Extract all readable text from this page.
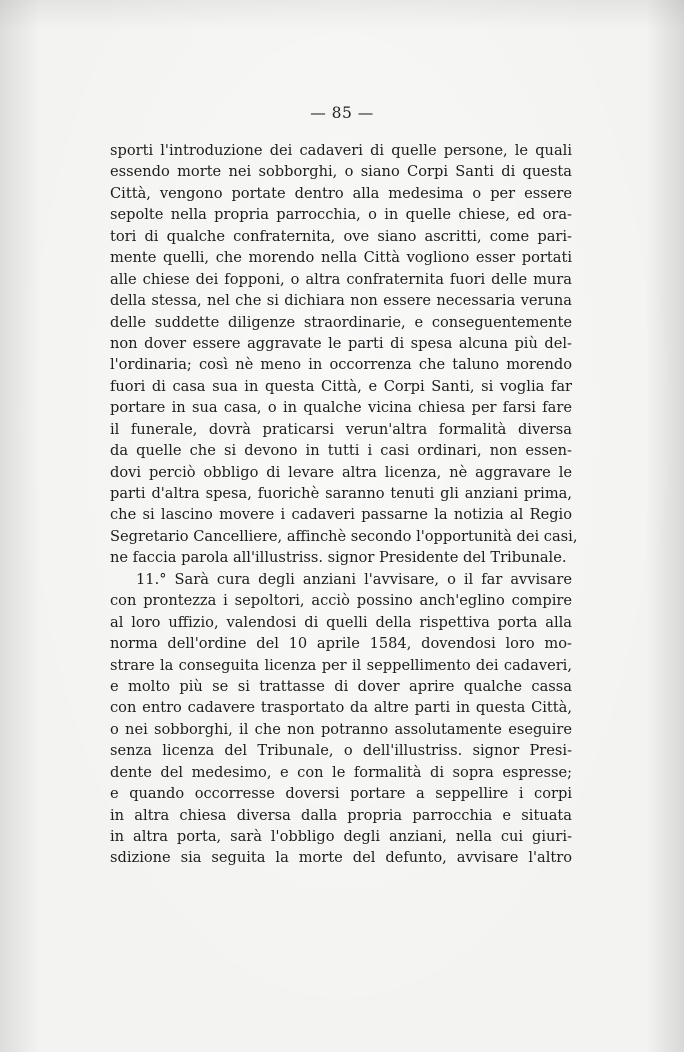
— 85 —
sporti l'introduzione dei cadaveri di quelle persone, le quali
essendo morte nei sobborghi, o siano Corpi Santi di questa
Città, vengono portate dentro alla medesima o per essere
sepolte nella propria parrocchia, o in quelle chiese, ed ora-
tori di qualche confraternita, ove siano ascritti, come pari-
mente quelli, che morendo nella Città vogliono esser portati
alle chiese dei fopponi, o altra confraternita fuori delle mura
della stessa, nel che si dichiara non essere necessaria veruna
delle suddette diligenze straordinarie, e conseguentemente
non dover essere aggravate le parti di spesa alcuna più del-
l'ordinaria; così nè meno in occorrenza che taluno morendo
fuori di casa sua in questa Città, e Corpi Santi, si voglia far
portare in sua casa, o in qualche vicina chiesa per farsi fare
il funerale, dovrà praticarsi verun'altra formalità diversa
da quelle che si devono in tutti i casi ordinari, non essen-
dovi perciò obbligo di levare altra licenza, nè aggravare le
parti d'altra spesa, fuorichè saranno tenuti gli anziani prima,
che si lascino movere i cadaveri passarne la notizia al Regio
Segretario Cancelliere, affinchè secondo l'opportunità dei casi,
ne faccia parola all'illustriss. signor Presidente del Tribunale.
11.° Sarà cura degli anziani l'avvisare, o il far avvisare
con prontezza i sepoltori, acciò possino anch'eglino compire
al loro uffizio, valendosi di quelli della rispettiva porta alla
norma dell'ordine del 10 aprile 1584, dovendosi loro mo-
strare la conseguita licenza per il seppellimento dei cadaveri,
e molto più se si trattasse di dover aprire qualche cassa
con entro cadavere trasportato da altre parti in questa Città,
o nei sobborghi, il che non potranno assolutamente eseguire
senza licenza del Tribunale, o dell'illustriss. signor Presi-
dente del medesimo, e con le formalità di sopra espresse;
e quando occorresse doversi portare a seppellire i corpi
in altra chiesa diversa dalla propria parrocchia e situata
in altra porta, sarà l'obbligo degli anziani, nella cui giuri-
sdizione sia seguita la morte del defunto, avvisare l'altro
